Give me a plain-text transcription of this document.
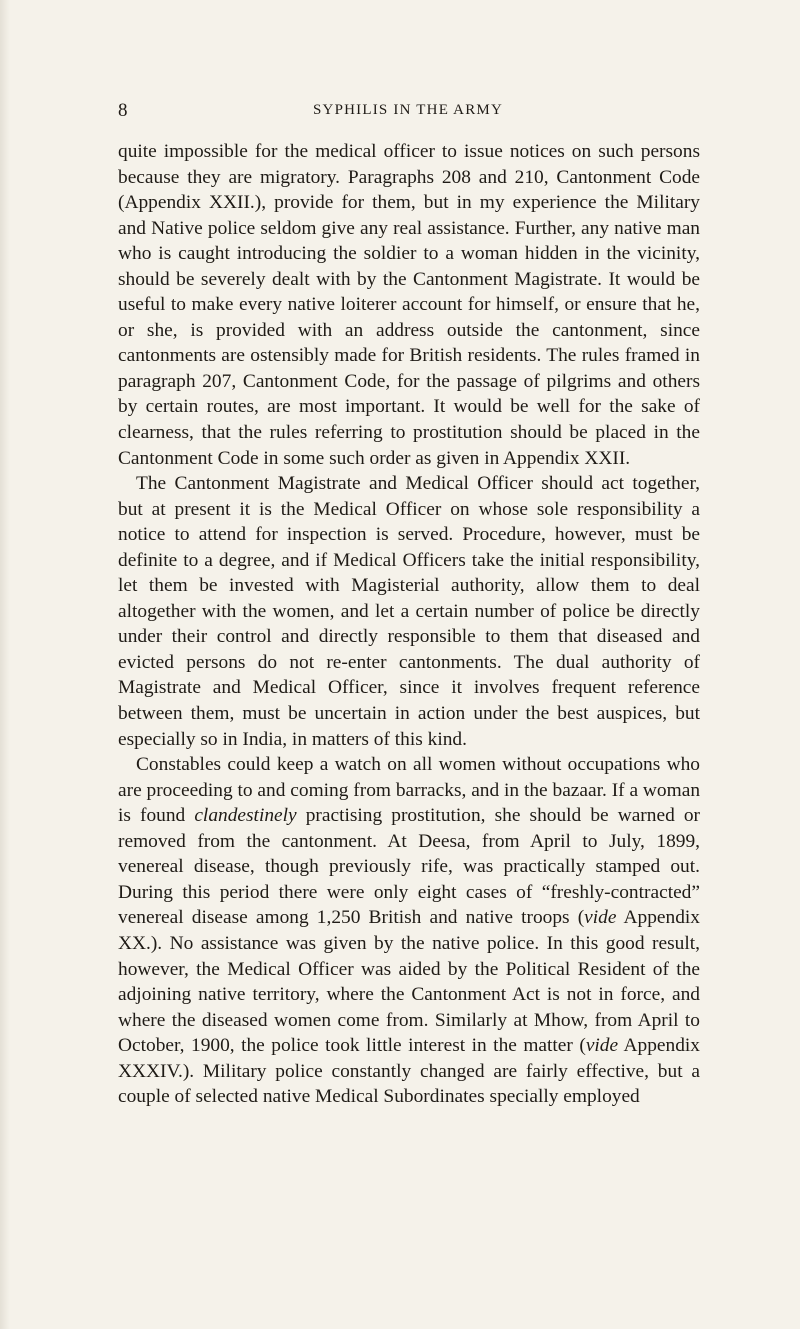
8	SYPHILIS IN THE ARMY

quite impossible for the medical officer to issue notices on such persons because they are migratory. Paragraphs 208 and 210, Cantonment Code (Appendix XXII.), provide for them, but in my experience the Military and Native police seldom give any real assistance. Further, any native man who is caught introducing the soldier to a woman hidden in the vicinity, should be severely dealt with by the Cantonment Magistrate. It would be useful to make every native loiterer account for himself, or ensure that he, or she, is provided with an address outside the cantonment, since cantonments are ostensibly made for British residents. The rules framed in paragraph 207, Cantonment Code, for the passage of pilgrims and others by certain routes, are most important. It would be well for the sake of clearness, that the rules referring to prostitution should be placed in the Cantonment Code in some such order as given in Appendix XXII.

The Cantonment Magistrate and Medical Officer should act together, but at present it is the Medical Officer on whose sole responsibility a notice to attend for inspection is served. Procedure, however, must be definite to a degree, and if Medical Officers take the initial responsibility, let them be invested with Magisterial authority, allow them to deal altogether with the women, and let a certain number of police be directly under their control and directly responsible to them that diseased and evicted persons do not re-enter cantonments. The dual authority of Magistrate and Medical Officer, since it involves frequent reference between them, must be uncertain in action under the best auspices, but especially so in India, in matters of this kind.

Constables could keep a watch on all women without occupations who are proceeding to and coming from barracks, and in the bazaar. If a woman is found clandestinely practising prostitution, she should be warned or removed from the cantonment. At Deesa, from April to July, 1899, venereal disease, though previously rife, was practically stamped out. During this period there were only eight cases of “freshly-contracted” venereal disease among 1,250 British and native troops (vide Appendix XX.). No assistance was given by the native police. In this good result, however, the Medical Officer was aided by the Political Resident of the adjoining native territory, where the Cantonment Act is not in force, and where the diseased women come from. Similarly at Mhow, from April to October, 1900, the police took little interest in the matter (vide Appendix XXXIV.). Military police constantly changed are fairly effective, but a couple of selected native Medical Subordinates specially employed
